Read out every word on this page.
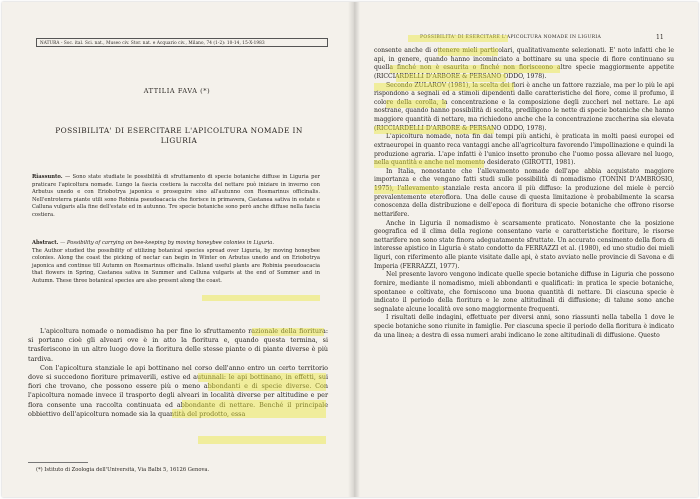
NATURA - Soc. ital. Sci. nat., Museo civ. Stor. nat. e Acquario civ., Milano, 74 (1-2): 10-14, 15-X-1983
ATTILIA FAVA (*)
POSSIBILITA' DI ESERCITARE L'APICOLTURA NOMADE IN LIGURIA
Riassunto. — Sono state studiate le possibilità di sfruttamento di specie botaniche diffuse in Liguria per praticare l'apicoltura nomade. Lungo la fascia costiera la raccolta del nettare può iniziare in inverno con Arbutus unedo e con Eriobotrya japonica e proseguire sino all'autunno con Rosmarinus officinalis. Nell'entroterra piante utili sono Robinia pseudoacacia che fiorisce in primavera, Castanea sativa in estate e Calluna vulgaris alla fine dell'estate ed in autunno. Tre specie botaniche sono però anche diffuse nella fascia costiera.
Abstract. — Possibility of carrying on bee-keeping by moving honeybee colonies in Liguria.
The Author studied the possibility of utilizing botanical species spread over Liguria, by moving honeybee colonies. Along the coast the picking of nectar can begin in Winter on Arbutus unedo and on Eriobotrya japonica and continue till Autumn on Rosmarinus officinalis. Inland useful plants are Robinia pseudoacacia that flowers in Spring, Castanea sativa in Summer and Calluna vulgaris at the end of Summer and in Autumn. These three botanical species are also present along the coast.

L'apicoltura nomade o nomadismo ha per fine lo sfruttamento razionale della fioritura: si portano cioè gli alveari ove è in atto la fioritura e, quando questa termina, si trasferiscono in un altro luogo dove la fioritura delle stesse piante o di piante diverse è più tardiva.

Con l'apicoltura stanziale le api bottinano nel corso dell'anno entro un certo territorio dove si succedono fioriture primaverili, estive ed autunnali: le api bottinano, in effetti, sui fiori che trovano, che possono essere più o meno abbondanti e di specie diverse. Con l'apicoltura nomade invece il trasporto degli alveari in località diverse per altitudine e per flora consente una raccolta continuata ed abbondante di nettare. Benché il principale obbiettivo dell'apicoltura nomade sia la quantità del prodotto, essa

(*) Istituto di Zoologia dell'Università, Via Balbi 5, 16126 Genova.
POSSIBILITA' DI ESERCITARE L'APICOLTURA NOMADE IN LIGURIA	11

consente anche di ottenere mieli particolari, qualitativamente selezionati. E' noto infatti che le api, in genere, quando hanno incominciato a bottinare su una specie di fiore continuano su quella finché non è esaurita o finché non fiorisceono altre specie maggiormente appetite (RICCIARDELLI D'ARBORE & PERSANO ODDO, 1978).

Secondo ZULAROV (1981), la scelta dei fiori è anche un fattore razziale, ma per lo più le api rispondono a segnali ed a stimoli dipendenti dalle caratteristiche del fiore, come il profumo, il colore della corolla, la concentrazione e la composizione degli zuccheri nel nettare. Le api nostrane, quando hanno possibilità di scelta, prediligono le nette di specie botaniche che hanno maggiore quantità di nettare, ma richiedono anche che la concentrazione zuccherina sia elevata (RICCIARDELLI D'ARBORE & PERSANO ODDO, 1978).

L'apicoltura nomade, nota fin dai tempi più antichi, è praticata in molti paesi europei ed extraeuropei in quanto reca vantaggi anche all'agricoltura favorendo l'impollinazione e quindi la produzione agraria. L'ape infatti è l'unico insetto pronubo che l'uomo possa allevare nel luogo, nella quantità e anche nel momento desiderato (GIROTTI, 1981).

In Italia, nonostante che l'allevamento nomade dell'ape abbia acquistato maggiore importanza e che vengano fatti studi sulle possibilità di nomadismo (TONINI D'AMBROSIO, 1975), l'allevamento stanziale resta ancora il più diffuso: la produzione del miele è perciò prevalentemente eteroflora. Una delle cause di questa limitazione è probabilmente la scarsa conoscenza della distribuzione e dell'epoca di fioritura di specie botaniche che offrono risorse nettarifere.

Anche in Liguria il nomadismo è scarsamente praticato. Nonostante che la posizione geografica ed il clima della regione consentano varie e caratteristiche fioriture, le risorse nettarifere non sono state finora adeguatamente sfruttate. Un accurato censimento della flora di interesse apistico in Liguria è stato condotto da FERRAZZI et al. (1980), ed uno studio dei mieli liguri, con riferimento alle piante visitate dalle api, è stato avviato nelle provincie di Savona e di Imperia (FERRAZZI, 1977).

Nel presente lavoro vengono indicate quelle specie botaniche diffuse in Liguria che possono fornire, mediante il nomadismo, mieli abbondanti e qualificati: in pratica le specie botaniche, spontanee e coltivate, che forniscono una buona quantità di nettare. Di ciascuna specie è indicato il periodo della fioritura e le zone altitudinali di diffusione; di talune sono anche segnalate alcune località ove sono maggiormente frequenti.

I risultati delle indagini, effettuate per diversi anni, sono riassunti nella tabella 1 dove le specie botaniche sono riunite in famiglie. Per ciascuna specie il periodo della fioritura è indicato da una linea; a destra di essa numeri arabi indicano le zone altitudinali di diffusione. Questo
